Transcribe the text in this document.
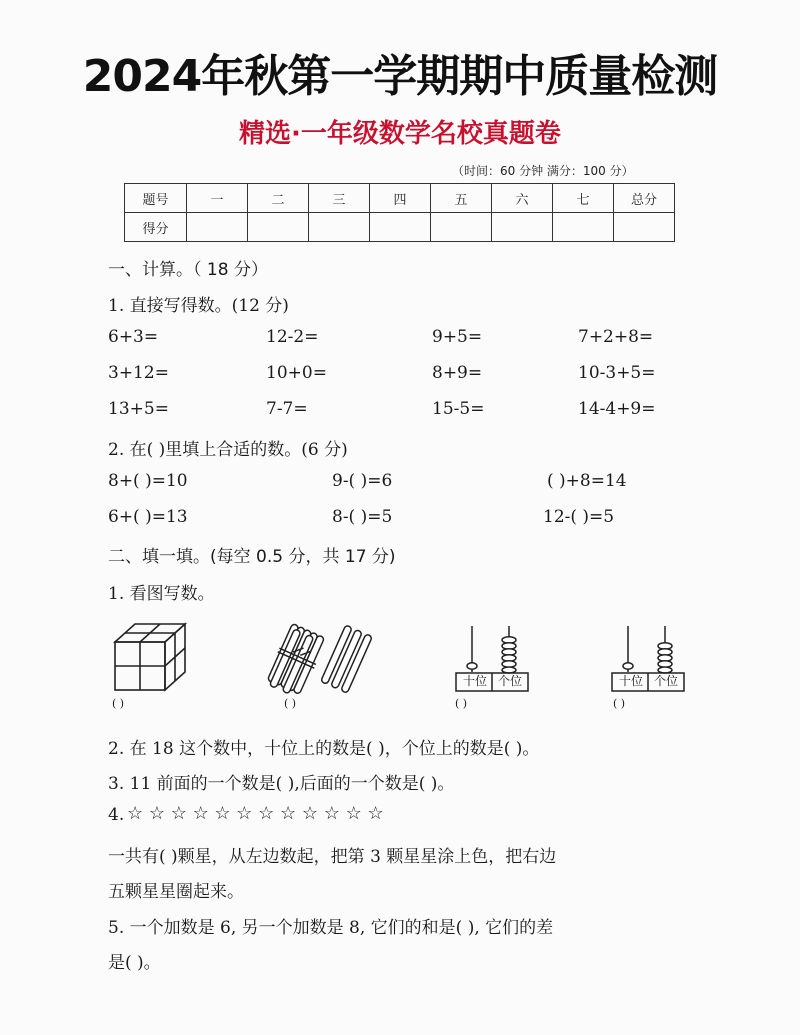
2024年秋第一学期期中质量检测
精选·一年级数学名校真题卷
（时间：60 分钟 满分：100 分）
题号	一	二	三	四	五	六	七	总分
得分								
一、计算。（ 18 分）
1. 直接写得数。(12 分)
6+3=	12-2=	9+5=	7+2+8=
3+12=	10+0=	8+9=	10-3+5=
13+5=	7-7=	15-5=	14-4+9=
2. 在( )里填上合适的数。(6 分)
8+( )=10	9-( )=6	( )+8=14
6+( )=13	8-( )=5	12-( )=5
二、填一填。(每空 0.5 分，共 17 分)
1. 看图写数。
十位 个位	十位 个位
( )	( )	( )	( )
2. 在 18 这个数中，十位上的数是( )，个位上的数是( )。
3. 11 前面的一个数是( ),后面的一个数是( )。
4. ☆ ☆ ☆ ☆ ☆ ☆ ☆ ☆ ☆ ☆ ☆ ☆
一共有( )颗星，从左边数起，把第 3 颗星星涂上色，把右边
五颗星星圈起来。
5. 一个加数是 6, 另一个加数是 8, 它们的和是( ), 它们的差
是( )。
